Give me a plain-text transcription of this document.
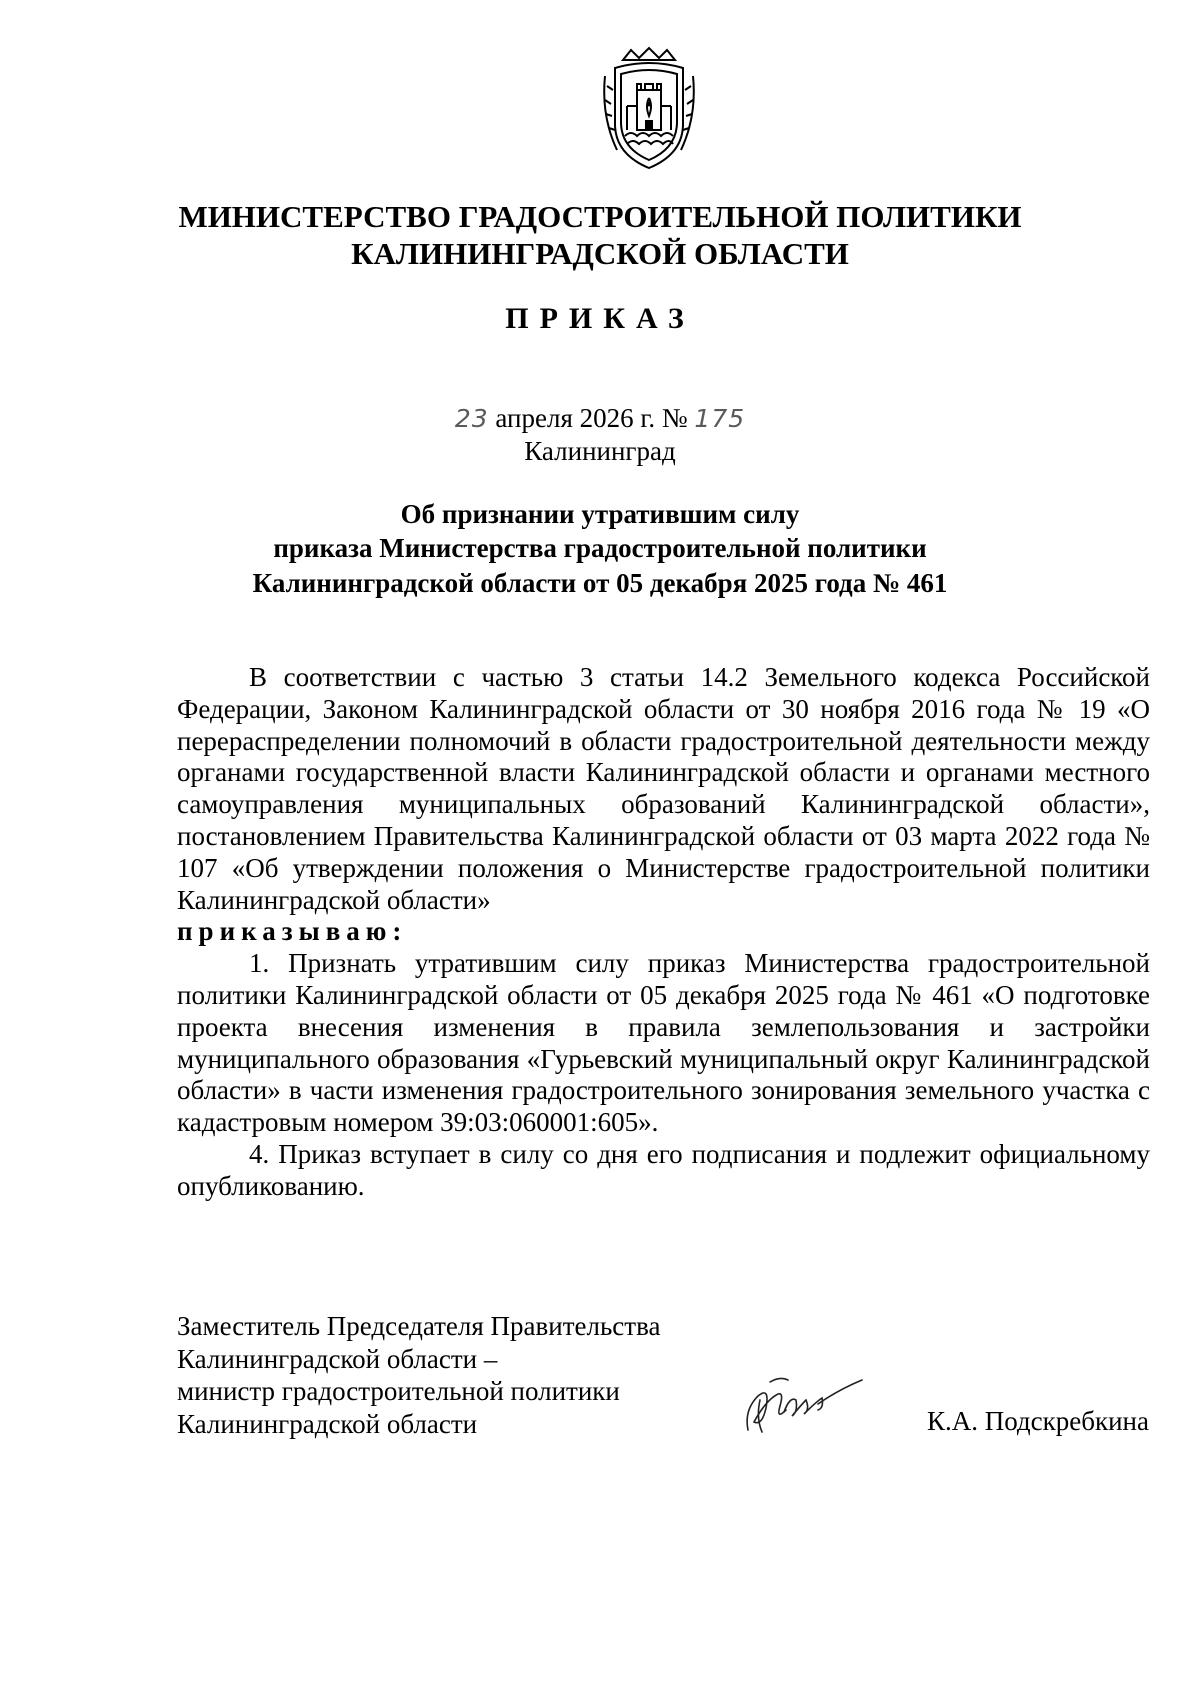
МИНИСТЕРСТВО ГРАДОСТРОИТЕЛЬНОЙ ПОЛИТИКИ
КАЛИНИНГРАДСКОЙ ОБЛАСТИ
ПРИКАЗ
23 апреля 2026 г. № 175
Калининград
Об признании утратившим силу
приказа Министерства градостроительной политики
Калининградской области от 05 декабря 2025 года № 461

В соответствии с частью 3 статьи 14.2 Земельного кодекса Российской Федерации, Законом Калининградской области от 30 ноября 2016 года № 19 «О перераспределении полномочий в области градостроительной деятельности между органами государственной власти Калининградской области и органами местного самоуправления муниципальных образований Калининградской области», постановлением Правительства Калининградской области от 03 марта 2022 года № 107 «Об утверждении положения о Министерстве градостроительной политики Калининградской области»

приказываю:

1. Признать утратившим силу приказ Министерства градостроительной политики Калининградской области от 05 декабря 2025 года № 461 «О подготовке проекта внесения изменения в правила землепользования и застройки муниципального образования «Гурьевский муниципальный округ Калининградской области» в части изменения градостроительного зонирования земельного участка с кадастровым номером 39:03:060001:605».

4. Приказ вступает в силу со дня его подписания и подлежит официальному опубликованию.

Заместитель Председателя Правительства
Калининградской области –
министр градостроительной политики
Калининградской области	К.А. Подскребкина
